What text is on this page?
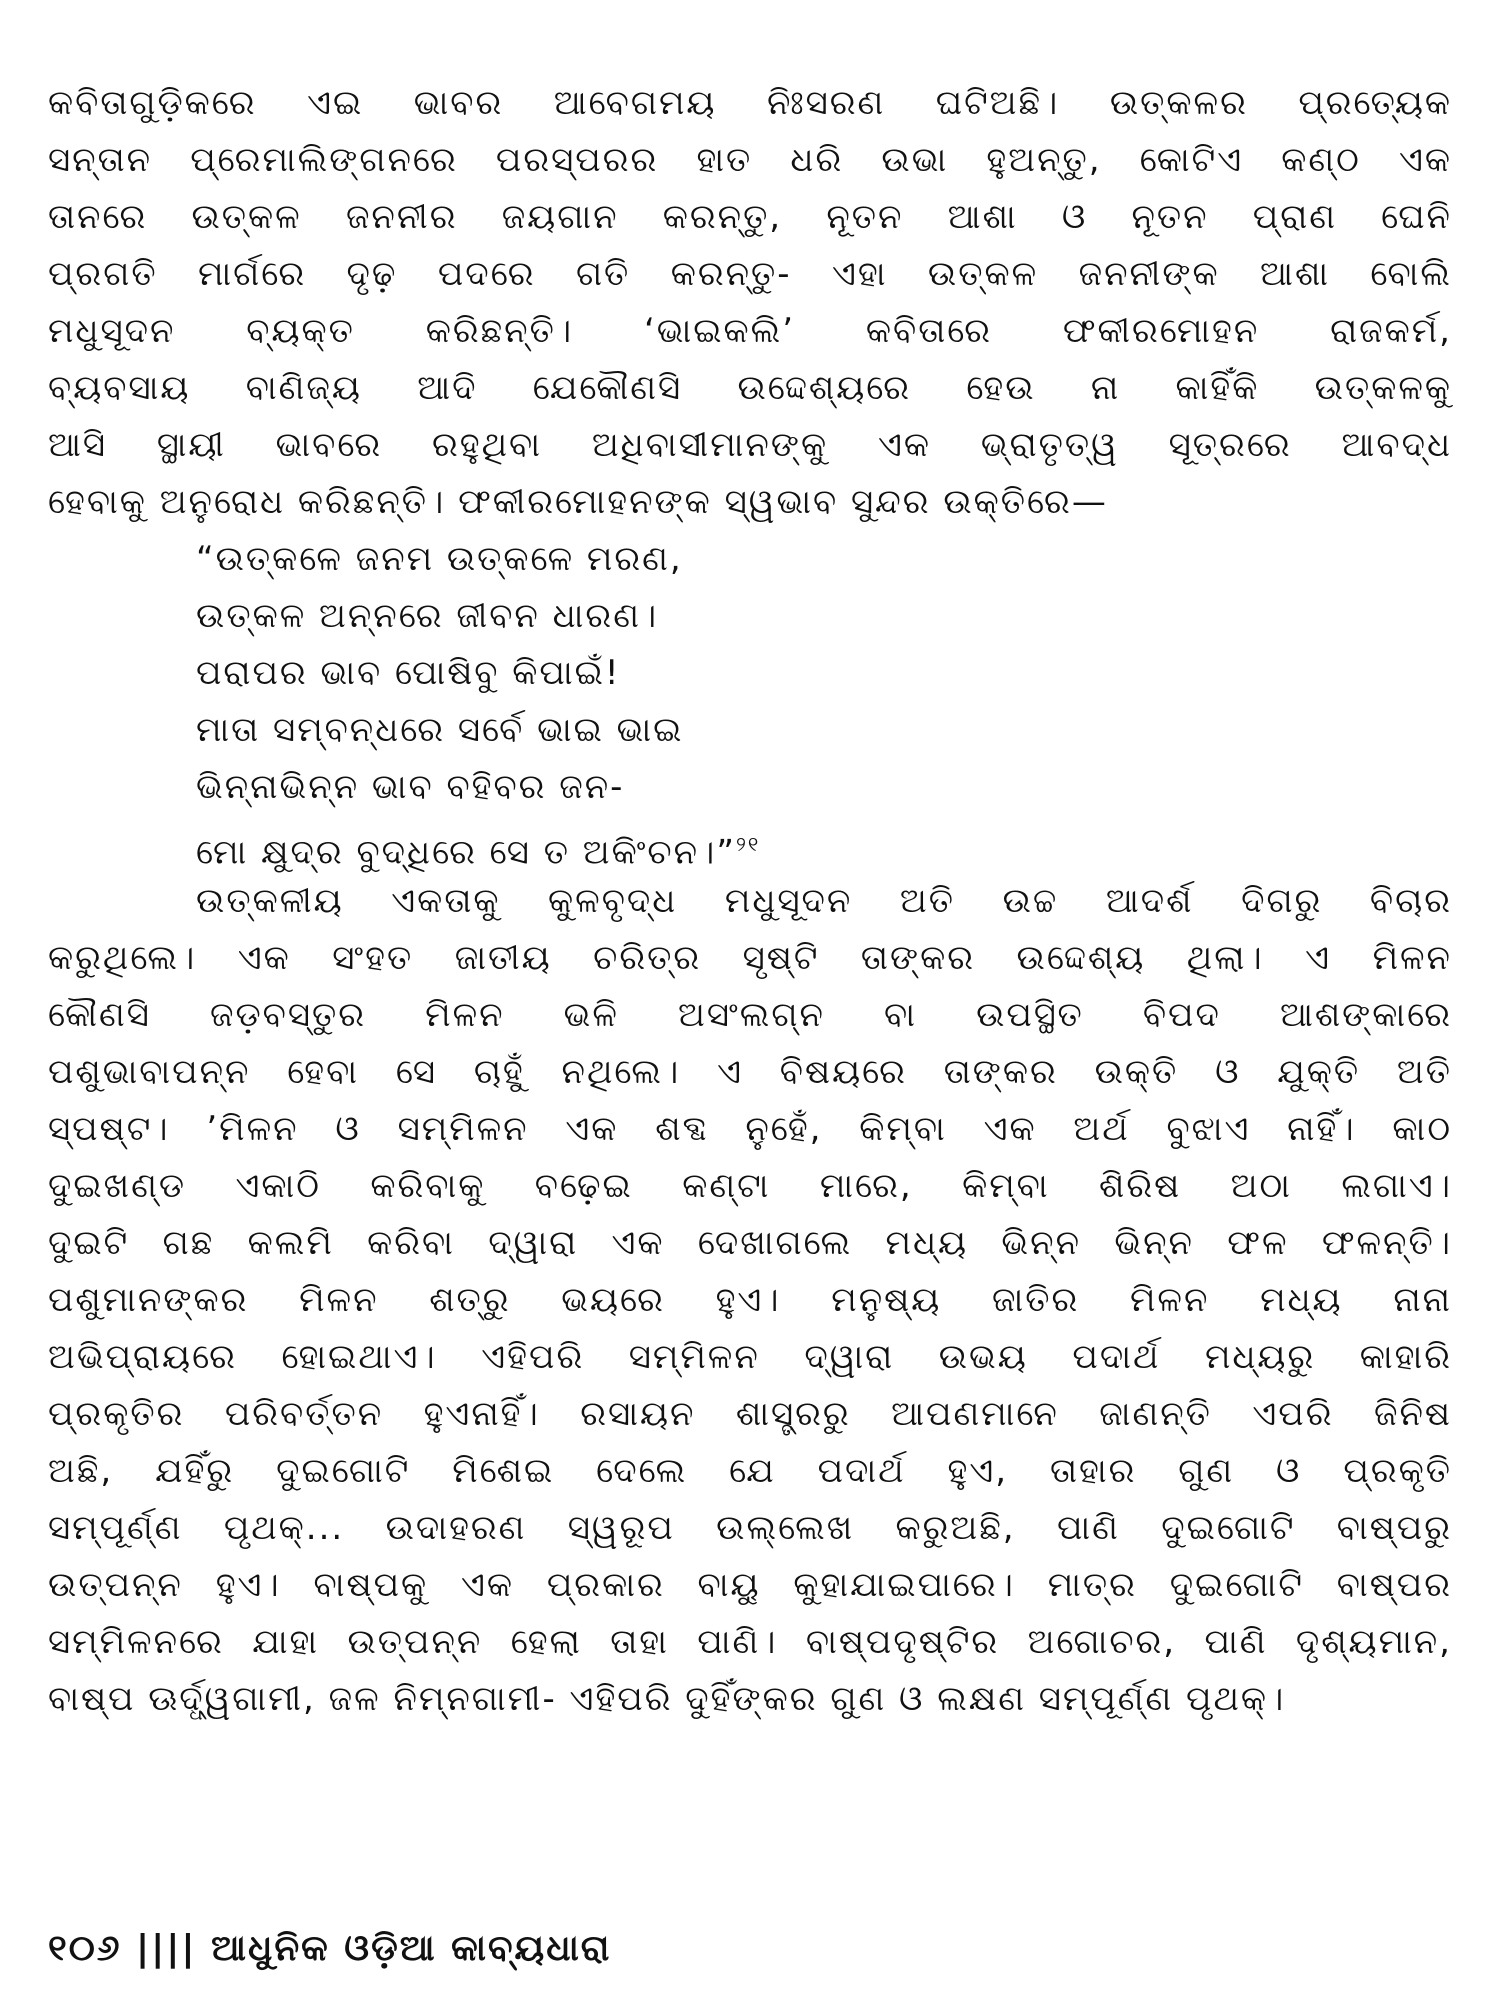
କବିତାଗୁଡ଼ିକରେ ଏଇ ଭାବର ଆବେଗମୟ ନିଃସରଣ ଘଟିଅଛି। ଉତ୍କଳର ପ୍ରତ୍ୟେକ
ସନ୍ତାନ ପ୍ରେମାଲିଙ୍ଗନରେ ପରସ୍ପରର ହାତ ଧରି ଉଭା ହୁଅନ୍ତୁ, କୋଟିଏ କଣ୍ଠ ଏକ
ତାନରେ ଉତ୍କଳ ଜନନୀର ଜୟଗାନ କରନ୍ତୁ, ନୂତନ ଆଶା ଓ ନୂତନ ପ୍ରାଣ ଘେନି
ପ୍ରଗତି ମାର୍ଗରେ ଦୃଢ଼ ପଦରେ ଗତି କରନ୍ତୁ- ଏହା ଉତ୍କଳ ଜନନୀଙ୍କ ଆଶା ବୋଲି
ମଧୁସୂଦନ ବ୍ୟକ୍ତ କରିଛନ୍ତି। ‘ଭାଇକଲି’ କବିତାରେ ଫକୀରମୋହନ ରାଜକର୍ମ,
ବ୍ୟବସାୟ ବାଣିଜ୍ୟ ଆଦି ଯେକୌଣସି ଉଦ୍ଦେଶ୍ୟରେ ହେଉ ନା କାହିଁକି ଉତ୍କଳକୁ
ଆସି ସ୍ଥାୟୀ ଭାବରେ ରହୁଥିବା ଅଧିବାସୀମାନଙ୍କୁ ଏକ ଭ୍ରାତୃତ୍ୱ ସୂତ୍ରରେ ଆବଦ୍ଧ
ହେବାକୁ ଅନୁରୋଧ କରିଛନ୍ତି। ଫକୀରମୋହନଙ୍କ ସ୍ୱଭାବ ସୁନ୍ଦର ଉକ୍ତିରେ—
“ଉତ୍କଳେ ଜନମ ଉତ୍କଳେ ମରଣ,
ଉତ୍କଳ ଅନ୍ନରେ ଜୀବନ ଧାରଣ।
ପରାପର ଭାବ ପୋଷିବୁ କିପାଇଁ!
ମାତା ସମ୍ବନ୍ଧରେ ସର୍ବେ ଭାଇ ଭାଇ
ଭିନ୍ନାଭିନ୍ନ ଭାବ ବହିବର ଜନ-
ମୋ କ୍ଷୁଦ୍ର ବୁଦ୍ଧିରେ ସେ ତ ଅକିଂଚନ।”$^{୨୧}$
ଉତ୍କଳୀୟ ଏକତାକୁ କୁଳବୃଦ୍ଧ ମଧୁସୂଦନ ଅତି ଉଚ୍ଚ ଆଦର୍ଶ ଦିଗରୁ ବିଚାର
କରୁଥିଲେ। ଏକ ସଂହତ ଜାତୀୟ ଚରିତ୍ର ସୃଷ୍ଟି ତାଙ୍କର ଉଦ୍ଦେଶ୍ୟ ଥିଲା। ଏ ମିଳନ
କୌଣସି ଜଡ଼ବସ୍ତୁର ମିଳନ ଭଳି ଅସଂଲଗ୍ନ ବା ଉପସ୍ଥିତ ବିପଦ ଆଶଙ୍କାରେ
ପଶୁଭାବାପନ୍ନ ହେବା ସେ ଚାହୁଁ ନଥିଲେ। ଏ ବିଷୟରେ ତାଙ୍କର ଉକ୍ତି ଓ ଯୁକ୍ତି ଅତି
ସ୍ପଷ୍ଟ। ’ମିଳନ ଓ ସମ୍ମିଳନ ଏକ ଶବ୍ଦ ନୁହେଁ, କିମ୍ବା ଏକ ଅର୍ଥ ବୁଝାଏ ନାହିଁ। କାଠ
ଦୁଇଖଣ୍ଡ ଏକାଠି କରିବାକୁ ବଢ଼େଇ କଣ୍ଟା ମାରେ, କିମ୍ବା ଶିରିଷ ଅଠା ଲଗାଏ।
ଦୁଇଟି ଗଛ କଲମି କରିବା ଦ୍ୱାରା ଏକ ଦେଖାଗଲେ ମଧ୍ୟ ଭିନ୍ନ ଭିନ୍ନ ଫଳ ଫଳନ୍ତି।
ପଶୁମାନଙ୍କର ମିଳନ ଶତ୍ରୁ ଭୟରେ ହୁଏ। ମନୁଷ୍ୟ ଜାତିର ମିଳନ ମଧ୍ୟ ନାନା
ଅଭିପ୍ରାୟରେ ହୋଇଥାଏ। ଏହିପରି ସମ୍ମିଳନ ଦ୍ୱାରା ଉଭୟ ପଦାର୍ଥ ମଧ୍ୟରୁ କାହାରି
ପ୍ରକୃତିର ପରିବର୍ତ୍ତନ ହୁଏନାହିଁ। ରସାୟନ ଶାସ୍ତ୍ରରୁ ଆପଣମାନେ ଜାଣନ୍ତି ଏପରି ଜିନିଷ
ଅଛି, ଯହିଁରୁ ଦୁଇଗୋଟି ମିଶେଇ ଦେଲେ ଯେ ପଦାର୍ଥ ହୁଏ, ତାହାର ଗୁଣ ଓ ପ୍ରକୃତି
ସମ୍ପୂର୍ଣ୍ଣ ପୃଥକ୍... ଉଦାହରଣ ସ୍ୱରୂପ ଉଲ୍ଲେଖ କରୁଅଛି, ପାଣି ଦୁଇଗୋଟି ବାଷ୍ପରୁ
ଉତ୍ପନ୍ନ ହୁଏ। ବାଷ୍ପକୁ ଏକ ପ୍ରକାର ବାୟୁ କୁହାଯାଇପାରେ। ମାତ୍ର ଦୁଇଗୋଟି ବାଷ୍ପର
ସମ୍ମିଳନରେ ଯାହା ଉତ୍ପନ୍ନ ହେଲା ତାହା ପାଣି। ବାଷ୍ପଦୃଷ୍ଟିର ଅଗୋଚର, ପାଣି ଦୃଶ୍ୟମାନ,
ବାଷ୍ପ ଊର୍ଦ୍ଧ୍ୱଗାମୀ, ଜଳ ନିମ୍ନଗାମୀ- ଏହିପରି ଦୁହିଁଙ୍କର ଗୁଣ ଓ ଲକ୍ଷଣ ସମ୍ପୂର୍ଣ୍ଣ ପୃଥକ୍।
୧୦୬ |||| ଆଧୁନିକ ଓଡ଼ିଆ କାବ୍ୟଧାରା
